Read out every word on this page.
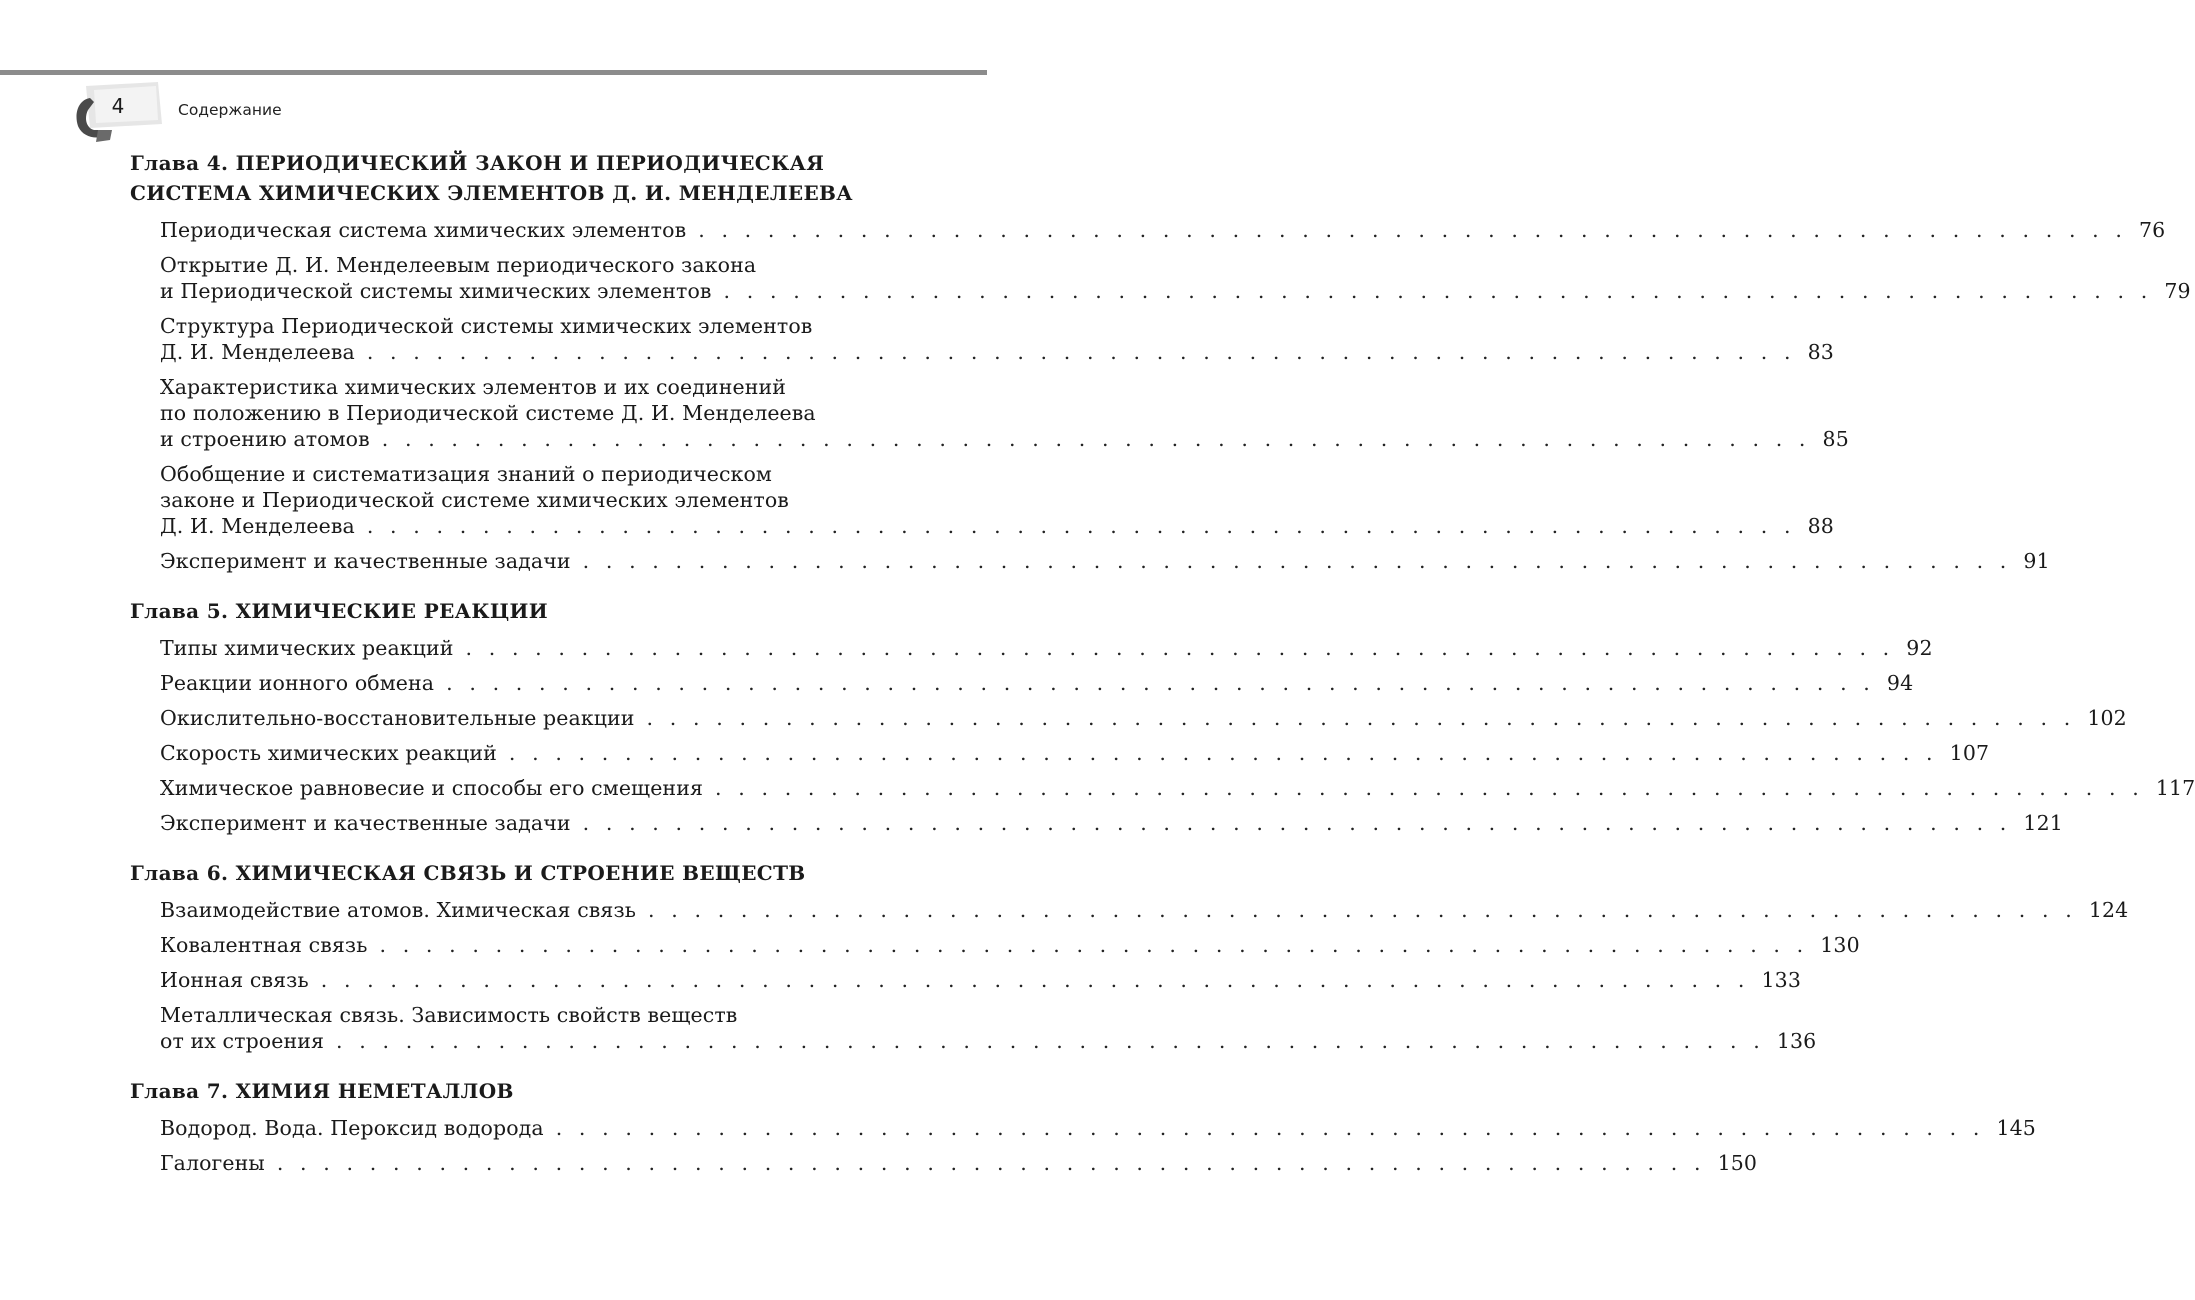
4	Содержание
Глава 4. ПЕРИОДИЧЕСКИЙ ЗАКОН И ПЕРИОДИЧЕСКАЯ
СИСТЕМА ХИМИЧЕСКИХ ЭЛЕМЕНТОВ Д. И. МЕНДЕЛЕЕВА
Периодическая система химических элементов . . . . . . . . . . . . . . . . . . . . . . . . . . . . . . . . . . . . . . . . . . . . . . . . . . . . . . . . . . . . . . 76
Открытие Д. И. Менделеевым периодического закона
и Периодической системы химических элементов . . . . . . . . . . . . . . . . . . . . . . . . . . . . . . . . . . . . . . . . . . . . . . . . . . . . . . . . . . . . . . 79
Структура Периодической системы химических элементов
Д. И. Менделеева . . . . . . . . . . . . . . . . . . . . . . . . . . . . . . . . . . . . . . . . . . . . . . . . . . . . . . . . . . . . . . 83
Характеристика химических элементов и их соединений
по положению в Периодической системе Д. И. Менделеева
и строению атомов . . . . . . . . . . . . . . . . . . . . . . . . . . . . . . . . . . . . . . . . . . . . . . . . . . . . . . . . . . . . . . 85
Обобщение и систематизация знаний о периодическом
законе и Периодической системе химических элементов
Д. И. Менделеева . . . . . . . . . . . . . . . . . . . . . . . . . . . . . . . . . . . . . . . . . . . . . . . . . . . . . . . . . . . . . . 88
Эксперимент и качественные задачи . . . . . . . . . . . . . . . . . . . . . . . . . . . . . . . . . . . . . . . . . . . . . . . . . . . . . . . . . . . . . . 91
Глава 5. ХИМИЧЕСКИЕ РЕАКЦИИ
Типы химических реакций . . . . . . . . . . . . . . . . . . . . . . . . . . . . . . . . . . . . . . . . . . . . . . . . . . . . . . . . . . . . . . 92
Реакции ионного обмена . . . . . . . . . . . . . . . . . . . . . . . . . . . . . . . . . . . . . . . . . . . . . . . . . . . . . . . . . . . . . . 94
Окислительно-восстановительные реакции . . . . . . . . . . . . . . . . . . . . . . . . . . . . . . . . . . . . . . . . . . . . . . . . . . . . . . . . . . . . . . 102
Скорость химических реакций . . . . . . . . . . . . . . . . . . . . . . . . . . . . . . . . . . . . . . . . . . . . . . . . . . . . . . . . . . . . . . 107
Химическое равновесие и способы его смещения . . . . . . . . . . . . . . . . . . . . . . . . . . . . . . . . . . . . . . . . . . . . . . . . . . . . . . . . . . . . . . 117
Эксперимент и качественные задачи . . . . . . . . . . . . . . . . . . . . . . . . . . . . . . . . . . . . . . . . . . . . . . . . . . . . . . . . . . . . . . 121
Глава 6. ХИМИЧЕСКАЯ СВЯЗЬ И СТРОЕНИЕ ВЕЩЕСТВ
Взаимодействие атомов. Химическая связь . . . . . . . . . . . . . . . . . . . . . . . . . . . . . . . . . . . . . . . . . . . . . . . . . . . . . . . . . . . . . . 124
Ковалентная связь . . . . . . . . . . . . . . . . . . . . . . . . . . . . . . . . . . . . . . . . . . . . . . . . . . . . . . . . . . . . . . 130
Ионная связь . . . . . . . . . . . . . . . . . . . . . . . . . . . . . . . . . . . . . . . . . . . . . . . . . . . . . . . . . . . . . . 133
Металлическая связь. Зависимость свойств веществ
от их строения . . . . . . . . . . . . . . . . . . . . . . . . . . . . . . . . . . . . . . . . . . . . . . . . . . . . . . . . . . . . . . 136
Глава 7. ХИМИЯ НЕМЕТАЛЛОВ
Водород. Вода. Пероксид водорода . . . . . . . . . . . . . . . . . . . . . . . . . . . . . . . . . . . . . . . . . . . . . . . . . . . . . . . . . . . . . . 145
Галогены . . . . . . . . . . . . . . . . . . . . . . . . . . . . . . . . . . . . . . . . . . . . . . . . . . . . . . . . . . . . . . 150
